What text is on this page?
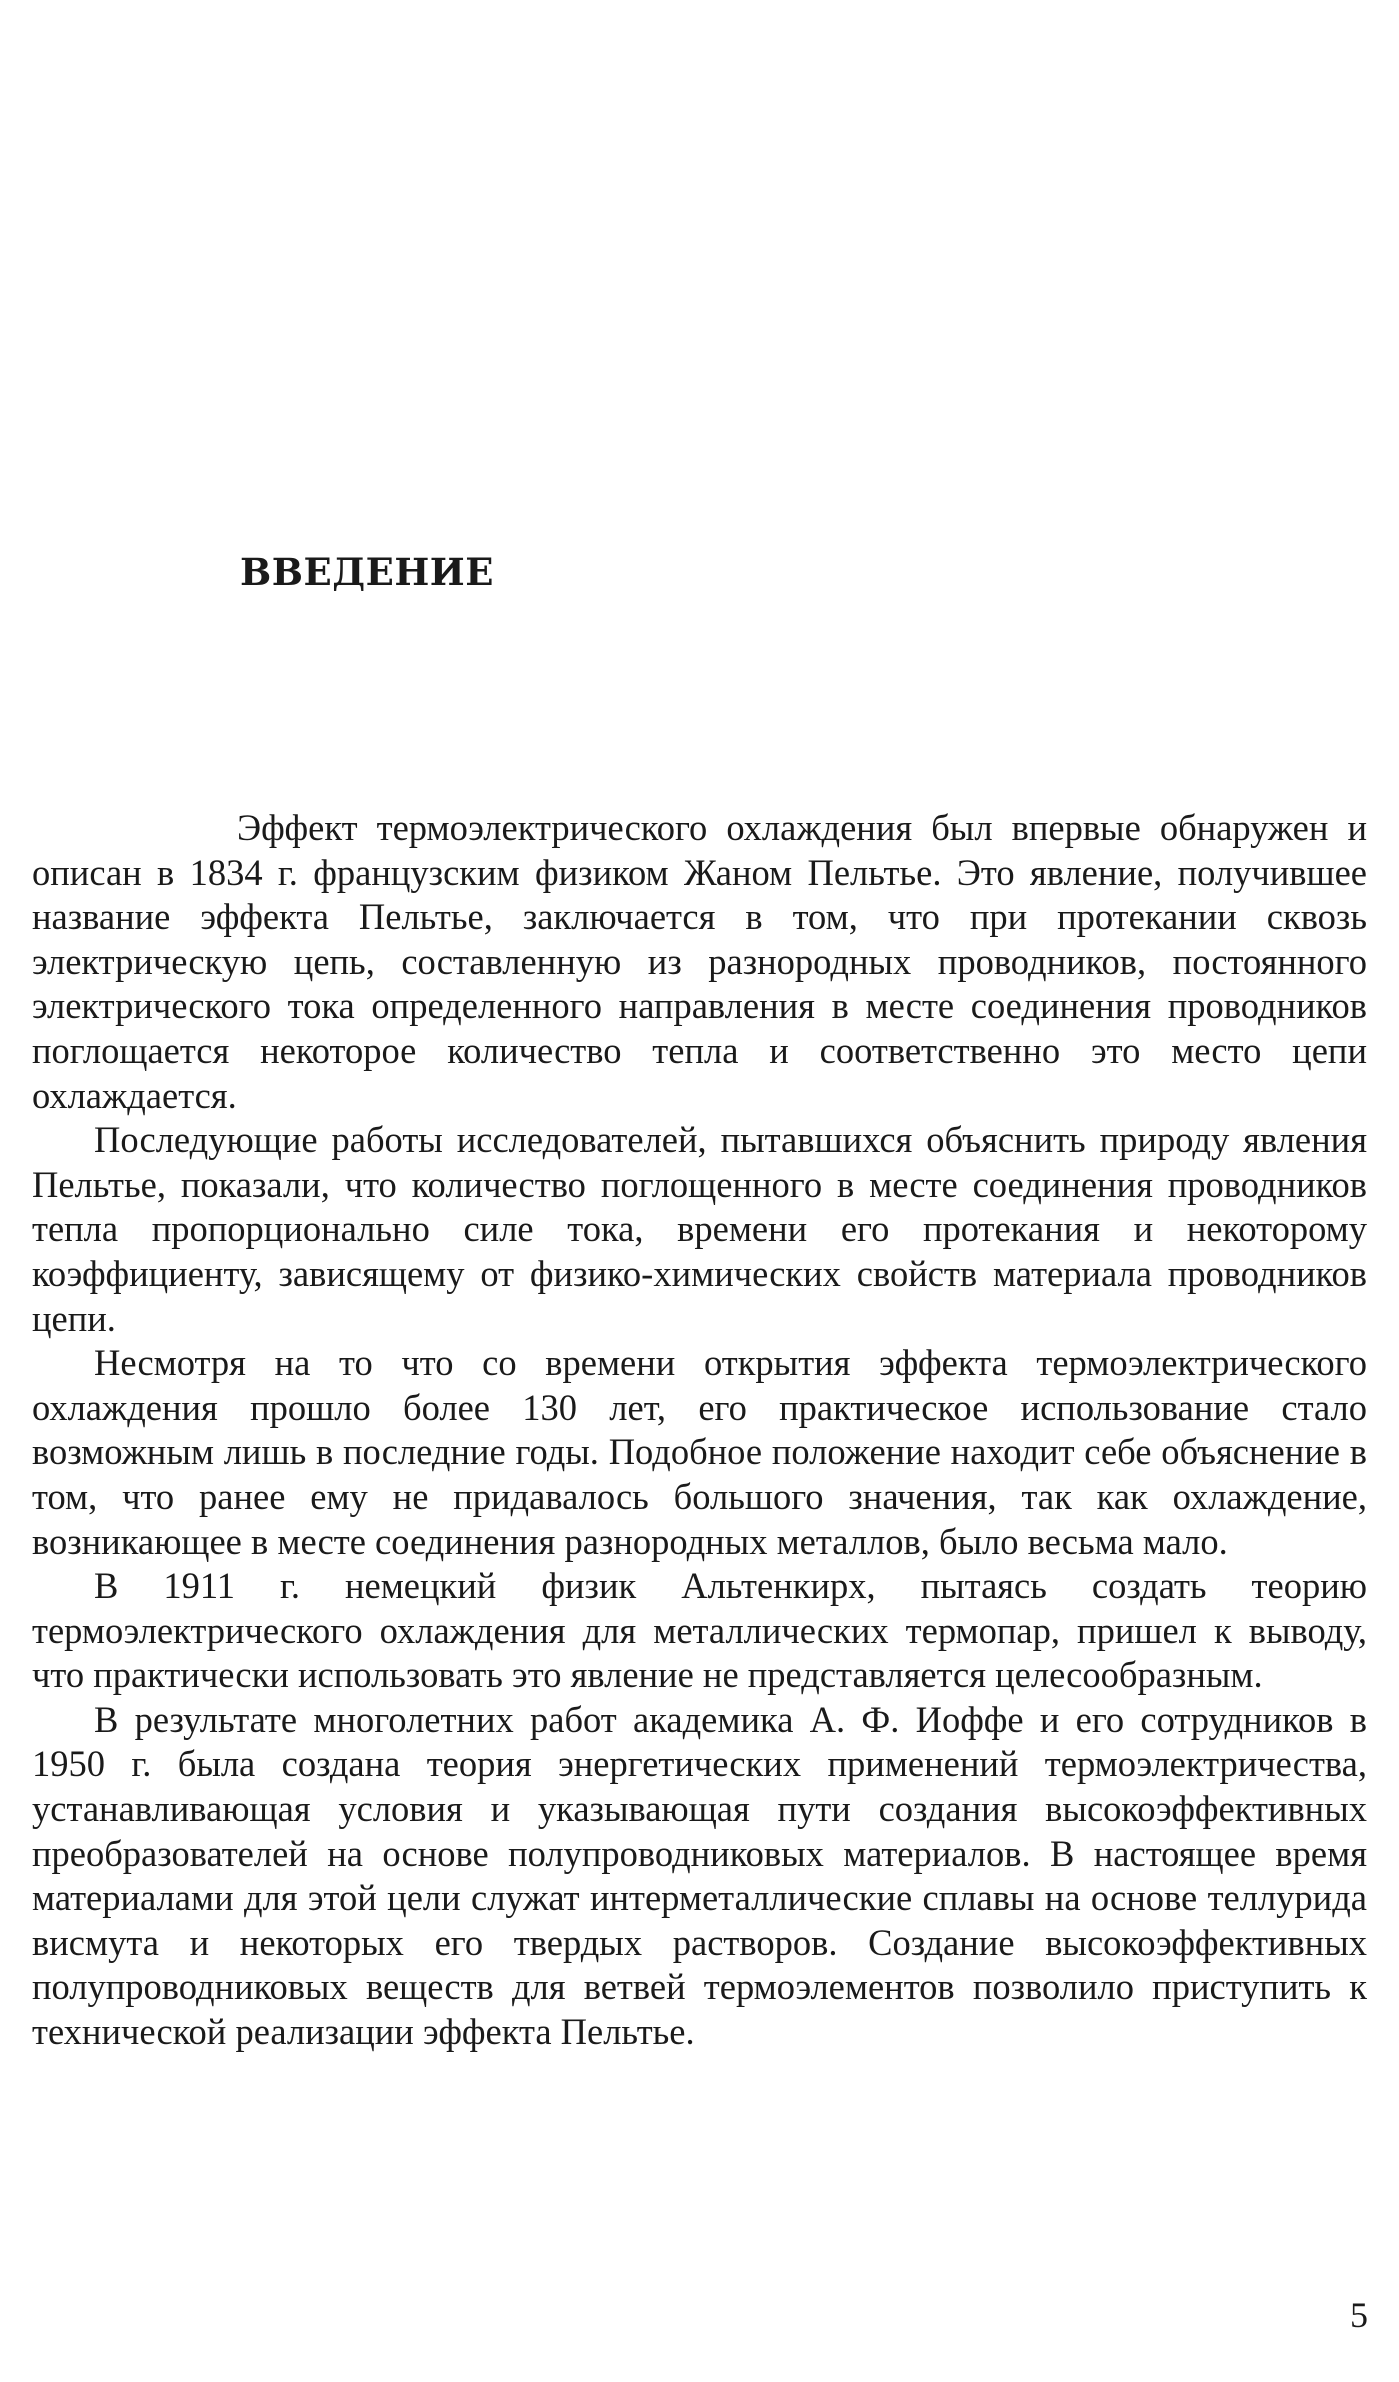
ВВЕДЕНИЕ

Эффект термоэлектрического охлаждения был впервые обнаружен и описан в 1834 г. французским физиком Жаном Пельтье. Это явление, получившее название эффекта Пельтье, заключается в том, что при протекании сквозь электрическую цепь, составленную из разнородных проводников, постоянного электрического тока определенного направления в месте соединения проводников поглощается некоторое количество тепла и соответственно это место цепи охлаждается.

Последующие работы исследователей, пытавшихся объяснить природу явления Пельтье, показали, что количество поглощенного в месте соединения проводников тепла пропорционально силе тока, времени его протекания и некоторому коэффициенту, зависящему от физико-химических свойств материала проводников цепи.

Несмотря на то что со времени открытия эффекта термоэлектрического охлаждения прошло более 130 лет, его практическое использование стало возможным лишь в последние годы. Подобное положение находит себе объяснение в том, что ранее ему не придавалось большого значения, так как охлаждение, возникающее в месте соединения разнородных металлов, было весьма мало.

В 1911 г. немецкий физик Альтенкирх, пытаясь создать теорию термоэлектрического охлаждения для металлических термопар, пришел к выводу, что практически использовать это явление не представляется целесообразным.

В результате многолетних работ академика А. Ф. Иоффе и его сотрудников в 1950 г. была создана теория энергетических применений термоэлектричества, устанавливающая условия и указывающая пути создания высокоэффективных преобразователей на основе полупроводниковых материалов. В настоящее время материалами для этой цели служат интерметаллические сплавы на основе теллурида висмута и некоторых его твердых растворов. Создание высокоэффективных полупроводниковых веществ для ветвей термоэлементов позволило приступить к технической реализации эффекта Пельтье.

5
